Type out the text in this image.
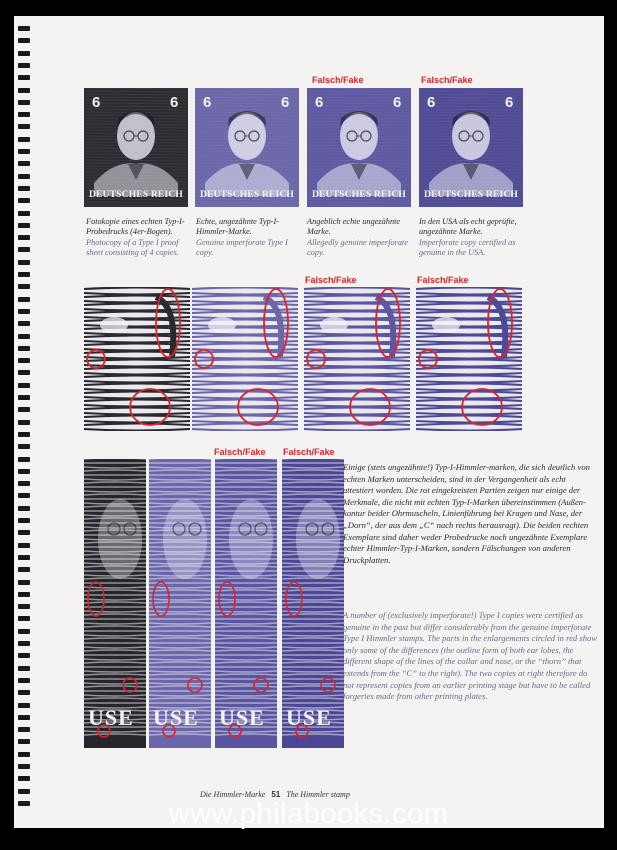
6	6
DEUTSCHES REICH
6	6
DEUTSCHES REICH
6	6
DEUTSCHES REICH
6	6
DEUTSCHES REICH
Fotokopie eines echten Typ-I-Probedrucks (4er-Bogen).
Photocopy of a Type I proof sheet consisting of 4 copies.
Echte, ungezähnte Typ-I-Himmler-Marke.
Genuine imperforate Type I copy.
Angeblich echte ungezähnte Marke.
Allegedly genuine imperforate copy.
In den USA als echt geprüfte, ungezähnte Marke.
Imperforate copy certified as genuine in the USA.
USE USE USE USE
Falsch/Fake	Falsch/Fake
Falsch/Fake	Falsch/Fake
Falsch/Fake Falsch/Fake
Einige (stets ungezähnte!) Typ-I-Himmler-marken, die sich deutlich von echten Marken unterscheiden, sind in der Vergangenheit als echt attestiert worden. Die rot eingekreisten Partien zeigen nur einige der Merkmale, die nicht mit echten Typ-I-Marken übereinstimmen (Außen-kontur beider Ohrmuscheln, Linienführung bei Kragen und Nase, der „Dorn“, der aus dem „C“ nach rechts herausragt). Die beiden rechten Exemplare sind daher weder Probedrucke noch ungezähnte Exemplare echter Himmler-Typ-I-Marken, sondern Fälschungen von anderen Druckplatten.
A number of (exclusively imperforate!) Type I copies were certified as genuine in the past but differ considerably from the genuine imperforate Type I Himmler stamps. The parts in the enlargements circled in red show only some of the differences (the outline form of both ear lobes, the different shape of the lines of the collar and nose, or the “thorn” that extends from the “C” to the right). The two copies at right therefore do not represent copies from an earlier printing stage but have to be called forgeries made from other printing plates.
Die Himmler-Marke 51 The Himmler stamp
www.philabooks.com
